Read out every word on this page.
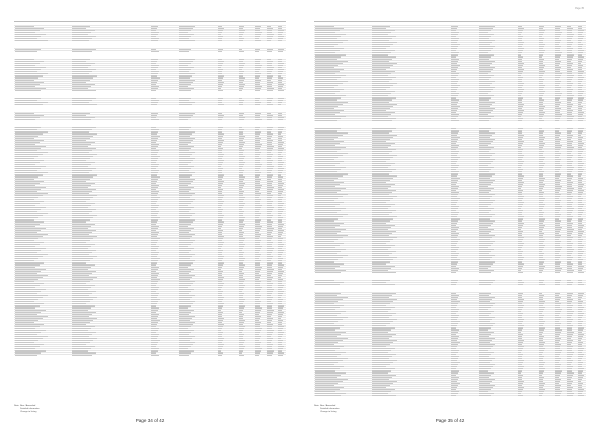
Note: New / Amended
Detailed information
Change to listing
Page 34 of 42
Page 35
Note: New / Amended
Detailed information
Change to listing
Page 35 of 42
